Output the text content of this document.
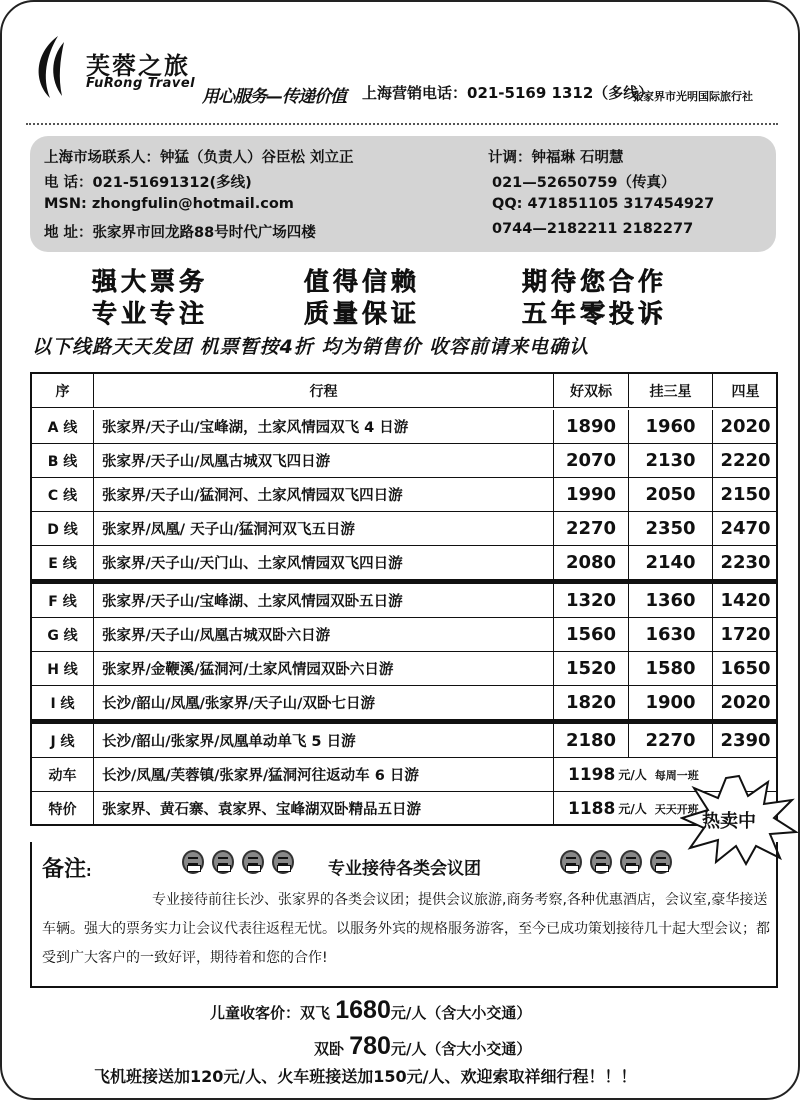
芙蓉之旅
FuRong Travel
用心服务—传递价值 上海营销电话：021-5169 1312（多线）
张家界市光明国际旅行社
上海市场联系人：钟猛（负责人）谷臣松 刘立正	计调：钟福琳 石明慧
电 话：021-51691312(多线)	021—52650759（传真）
MSN: zhongfulin@hotmail.com	QQ: 471851105 317454927
地 址：张家界市回龙路88号时代广场四楼	0744—2182211 2182277
强大票务	值得信赖	期待您合作
专业专注	质量保证	五年零投诉
以下线路天天发团 机票暂按4折 均为销售价 收容前请来电确认
序	行程	好双标	挂三星	四星
A 线	张家界/天子山/宝峰湖，土家风情园双飞 4 日游	1890	1960	2020
B 线	张家界/天子山/凤凰古城双飞四日游	2070	2130	2220
C 线	张家界/天子山/猛洞河、土家风情园双飞四日游	1990	2050	2150
D 线	张家界/凤凰/ 天子山/猛洞河双飞五日游	2270	2350	2470
E 线	张家界/天子山/天门山、土家风情园双飞四日游	2080	2140	2230
F 线	张家界/天子山/宝峰湖、土家风情园双卧五日游	1320	1360	1420
G 线	张家界/天子山/凤凰古城双卧六日游	1560	1630	1720
H 线	张家界/金鞭溪/猛洞河/土家风情园双卧六日游	1520	1580	1650
I 线	长沙/韶山/凤凰/张家界/天子山/双卧七日游	1820	1900	2020
J 线	长沙/韶山/张家界/凤凰单动单飞 5 日游	2180	2270	2390
动车	长沙/凤凰/芙蓉镇/张家界/猛洞河往返动车 6 日游	1198 元/人 每周一班
特价	张家界、黄石寨、袁家界、宝峰湖双卧精品五日游	1188 元/人 天天开班
热卖中
备注:	专业接待各类会议团
专业接待前往长沙、张家界的各类会议团；提供会议旅游,商务考察,各种优惠酒店，会议室,豪华接送车辆。强大的票务实力让会议代表往返程无忧。以服务外宾的规格服务游客，至今已成功策划接待几十起大型会议；都受到广大客户的一致好评，期待着和您的合作!
儿童收客价：双飞 1680元/人（含大小交通）
双卧 780元/人（含大小交通）
飞机班接送加120元/人、火车班接送加150元/人、欢迎索取祥细行程！！！
